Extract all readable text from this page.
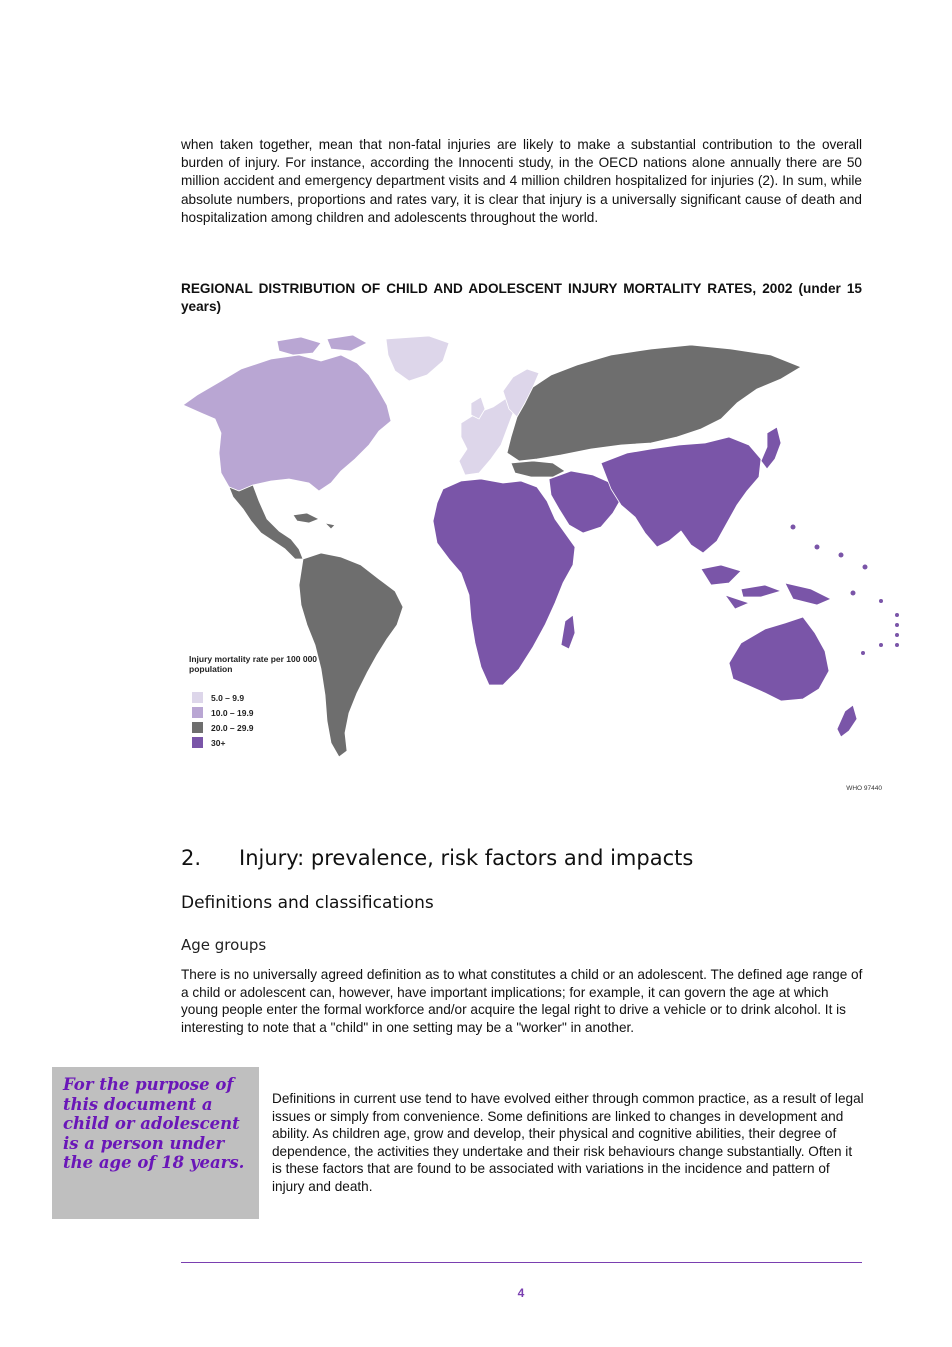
when taken together, mean that non-fatal injuries are likely to make a substantial contribution to the overall burden of injury. For instance, according the Innocenti study, in the OECD nations alone annually there are 50 million accident and emergency department visits and 4 million children hospitalized for injuries (2). In sum, while absolute numbers, proportions and rates vary, it is clear that injury is a universally significant cause of death and hospitalization among children and adolescents throughout the world.

REGIONAL DISTRIBUTION OF CHILD AND ADOLESCENT INJURY MORTALITY RATES, 2002 (under 15 years)

Injury mortality rate per 100 000 population
5.0 – 9.9
10.0 – 19.9
20.0 – 29.9
30+
WHO 97440
2. Injury: prevalence, risk factors and impacts
Definitions and classifications
Age groups

There is no universally agreed definition as to what constitutes a child or an adolescent. The defined age range of a child or adolescent can, however, have important implications; for example, it can govern the age at which young people enter the formal workforce and/or acquire the legal right to drive a vehicle or to drink alcohol. It is interesting to note that a "child" in one setting may be a "worker" in another.

For the purpose of this document a child or adolescent is a person under the age of 18 years.

Definitions in current use tend to have evolved either through common practice, as a result of legal issues or simply from convenience. Some definitions are linked to changes in development and ability. As children age, grow and develop, their physical and cognitive abilities, their degree of dependence, the activities they undertake and their risk behaviours change substantially. Often it is these factors that are found to be associated with variations in the incidence and pattern of injury and death.

4
